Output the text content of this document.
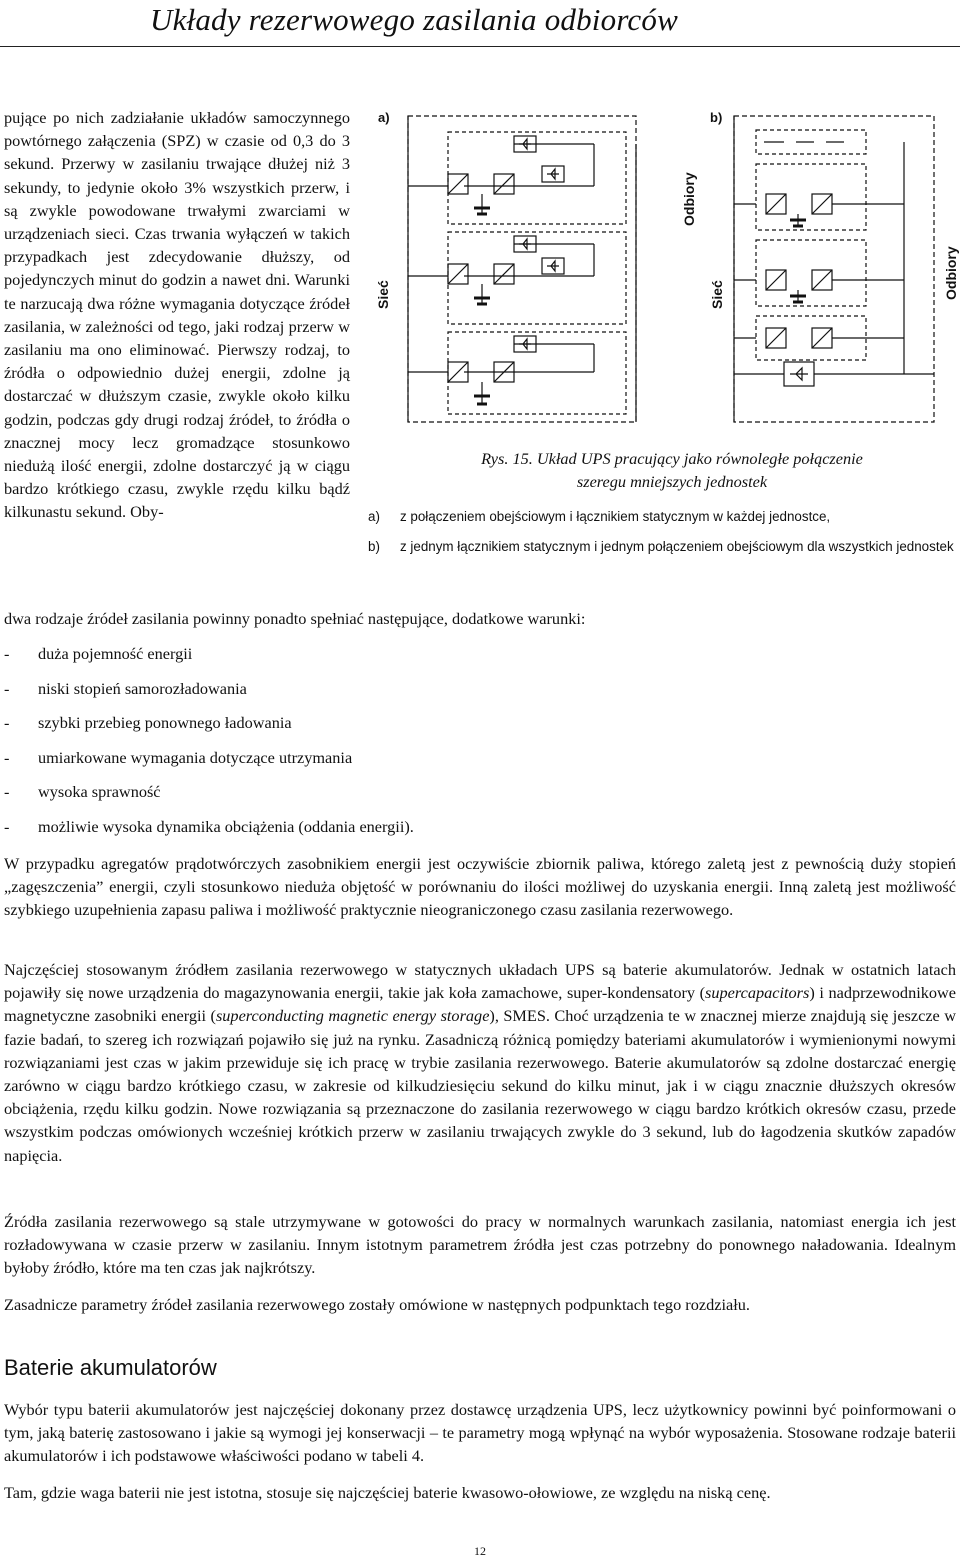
Układy rezerwowego zasilania odbiorców

pujące po nich zadziałanie układów samoczynnego powtórnego załączenia (SPZ) w czasie od 0,3 do 3 sekund. Przerwy w zasilaniu trwające dłużej niż 3 sekundy, to jedynie około 3% wszystkich przerw, i są zwykle powodowane trwałymi zwarciami w urządzeniach sieci. Czas trwania wyłączeń w takich przypadkach jest zdecydowanie dłuższy, od pojedynczych minut do godzin a nawet dni. Warunki te narzucają dwa różne wymagania dotyczące źródeł zasilania, w zależności od tego, jaki rodzaj przerw w zasilaniu ma ono eliminować. Pierwszy rodzaj, to źródła o odpowiednio dużej energii, zdolne ją dostarczać w dłuższym czasie, zwykle około kilku godzin, podczas gdy drugi rodzaj źródeł, to źródła o znacznej mocy lecz gromadzące stosunkowo niedużą ilość energii, zdolne dostarczyć ją w ciągu bardzo krótkiego czasu, zwykle rzędu kilku bądź kilkunastu sekund. Oby-

a)	b)
Sieć
Odbiory
Sieć	Odbiory
Rys. 15. Układ UPS pracujący jako równoległe połączenie
szeregu mniejszych jednostek
a)	z połączeniem obejściowym i łącznikiem statycznym w każdej jednostce,
b)	z jednym łącznikiem statycznym i jednym połączeniem obejściowym dla wszystkich jednostek
dwa rodzaje źródeł zasilania powinny ponadto spełniać następujące, dodatkowe warunki:
-	duża pojemność energii
-	niski stopień samorozładowania
-	szybki przebieg ponownego ładowania
-	umiarkowane wymagania dotyczące utrzymania
-	wysoka sprawność
-	możliwie wysoka dynamika obciążenia (oddania energii).

W przypadku agregatów prądotwórczych zasobnikiem energii jest oczywiście zbiornik paliwa, którego zaletą jest z pewnością duży stopień „zagęszczenia” energii, czyli stosunkowo nieduża objętość w porównaniu do ilości możliwej do uzyskania energii. Inną zaletą jest możliwość szybkiego uzupełnienia zapasu paliwa i możliwość praktycznie nieograniczonego czasu zasilania rezerwowego.

Najczęściej stosowanym źródłem zasilania rezerwowego w statycznych układach UPS są baterie akumulatorów. Jednak w ostatnich latach pojawiły się nowe urządzenia do magazynowania energii, takie jak koła zamachowe, super-kondensatory (supercapacitors) i nadprzewodnikowe magnetyczne zasobniki energii (superconducting magnetic energy storage), SMES. Choć urządzenia te w znacznej mierze znajdują się jeszcze w fazie badań, to szereg ich rozwiązań pojawiło się już na rynku. Zasadniczą różnicą pomiędzy bateriami akumulatorów i wymienionymi nowymi rozwiązaniami jest czas w jakim przewiduje się ich pracę w trybie zasilania rezerwowego. Baterie akumulatorów są zdolne dostarczać energię zarówno w ciągu bardzo krótkiego czasu, w zakresie od kilkudziesięciu sekund do kilku minut, jak i w ciągu znacznie dłuższych okresów obciążenia, rzędu kilku godzin. Nowe rozwiązania są przeznaczone do zasilania rezerwowego w ciągu bardzo krótkich okresów czasu, przede wszystkim podczas omówionych wcześniej krótkich przerw w zasilaniu trwających zwykle do 3 sekund, lub do łagodzenia skutków zapadów napięcia.

Źródła zasilania rezerwowego są stale utrzymywane w gotowości do pracy w normalnych warunkach zasilania, natomiast energia ich jest rozładowywana w czasie przerw w zasilaniu. Innym istotnym parametrem źródła jest czas potrzebny do ponownego naładowania. Idealnym byłoby źródło, które ma ten czas jak najkrótszy.

Zasadnicze parametry źródeł zasilania rezerwowego zostały omówione w następnych podpunktach tego rozdziału.

Baterie akumulatorów

Wybór typu baterii akumulatorów jest najczęściej dokonany przez dostawcę urządzenia UPS, lecz użytkownicy powinni być poinformowani o tym, jaką baterię zastosowano i jakie są wymogi jej konserwacji – te parametry mogą wpłynąć na wybór wyposażenia. Stosowane rodzaje baterii akumulatorów i ich podstawowe właściwości podano w tabeli 4.

Tam, gdzie waga baterii nie jest istotna, stosuje się najczęściej baterie kwasowo-ołowiowe, ze względu na niską cenę.

12
